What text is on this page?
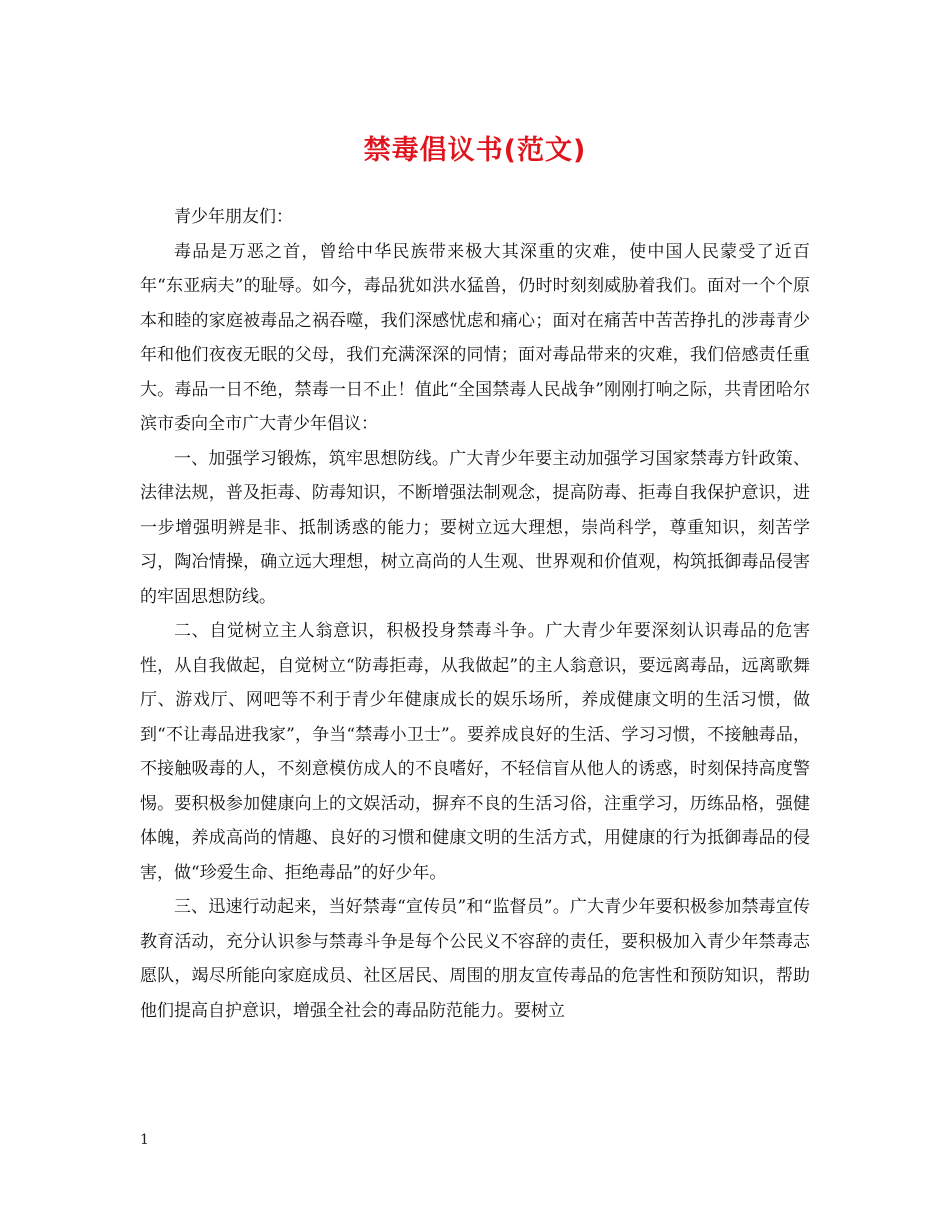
禁毒倡议书(范文)

青少年朋友们：

毒品是万恶之首，曾给中华民族带来极大其深重的灾难，使中国人民蒙受了近百年“东亚病夫”的耻辱。如今，毒品犹如洪水猛兽，仍时时刻刻威胁着我们。面对一个个原本和睦的家庭被毒品之祸吞噬，我们深感忧虑和痛心；面对在痛苦中苦苦挣扎的涉毒青少年和他们夜夜无眠的父母，我们充满深深的同情；面对毒品带来的灾难，我们倍感责任重大。毒品一日不绝，禁毒一日不止！值此“全国禁毒人民战争”刚刚打响之际，共青团哈尔滨市委向全市广大青少年倡议：

一、加强学习锻炼，筑牢思想防线。广大青少年要主动加强学习国家禁毒方针政策、法律法规，普及拒毒、防毒知识，不断增强法制观念，提高防毒、拒毒自我保护意识，进一步增强明辨是非、抵制诱惑的能力；要树立远大理想，崇尚科学，尊重知识，刻苦学习，陶冶情操，确立远大理想，树立高尚的人生观、世界观和价值观，构筑抵御毒品侵害的牢固思想防线。

二、自觉树立主人翁意识，积极投身禁毒斗争。广大青少年要深刻认识毒品的危害性，从自我做起，自觉树立“防毒拒毒，从我做起”的主人翁意识，要远离毒品，远离歌舞厅、游戏厅、网吧等不利于青少年健康成长的娱乐场所，养成健康文明的生活习惯，做到“不让毒品进我家”，争当“禁毒小卫士”。要养成良好的生活、学习习惯，不接触毒品，不接触吸毒的人，不刻意模仿成人的不良嗜好，不轻信盲从他人的诱惑，时刻保持高度警惕。要积极参加健康向上的文娱活动，摒弃不良的生活习俗，注重学习，历练品格，强健体魄，养成高尚的情趣、良好的习惯和健康文明的生活方式，用健康的行为抵御毒品的侵害，做“珍爱生命、拒绝毒品”的好少年。

三、迅速行动起来，当好禁毒“宣传员”和“监督员”。广大青少年要积极参加禁毒宣传教育活动，充分认识参与禁毒斗争是每个公民义不容辞的责任，要积极加入青少年禁毒志愿队，竭尽所能向家庭成员、社区居民、周围的朋友宣传毒品的危害性和预防知识，帮助他们提高自护意识，增强全社会的毒品防范能力。要树立

1
